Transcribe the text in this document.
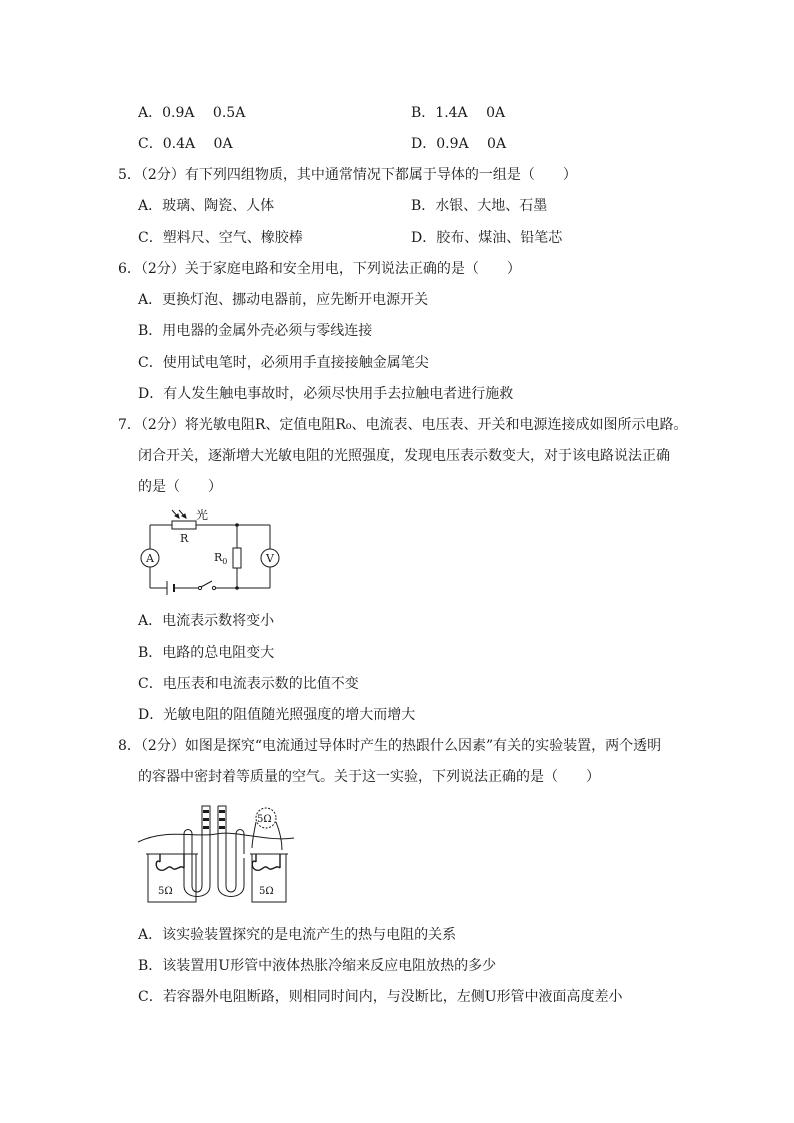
A．0.9A　 0.5A	B．1.4A　 0A
C．0.4A　 0A	D．0.9A　 0A
5．（2分）有下列四组物质，其中通常情况下都属于导体的一组是（　　）
A．玻璃、陶瓷、人体	B．水银、大地、石墨
C．塑料尺、空气、橡胶棒	D．胶布、煤油、铅笔芯
6．（2分）关于家庭电路和安全用电，下列说法正确的是（　　）
A．更换灯泡、挪动电器前，应先断开电源开关
B．用电器的金属外壳必须与零线连接
C．使用试电笔时，必须用手直接接触金属笔尖
D．有人发生触电事故时，必须尽快用手去拉触电者进行施救
7．（2分）将光敏电阻R、定值电阻R₀、电流表、电压表、开关和电源连接成如图所示电路。
闭合开关，逐渐增大光敏电阻的光照强度，发现电压表示数变大，对于该电路说法正确
的是（　　）
光
R
$R_0$
A	V
A．电流表示数将变小
B．电路的总电阻变大
C．电压表和电流表示数的比值不变
D．光敏电阻的阻值随光照强度的增大而增大
8．（2分）如图是探究“电流通过导体时产生的热跟什么因素”有关的实验装置，两个透明
的容器中密封着等质量的空气。关于这一实验，下列说法正确的是（　　）
5Ω	5Ω
5Ω
A．该实验装置探究的是电流产生的热与电阻的关系
B．该装置用U形管中液体热胀冷缩来反应电阻放热的多少
C．若容器外电阻断路，则相同时间内，与没断比，左侧U形管中液面高度差小
